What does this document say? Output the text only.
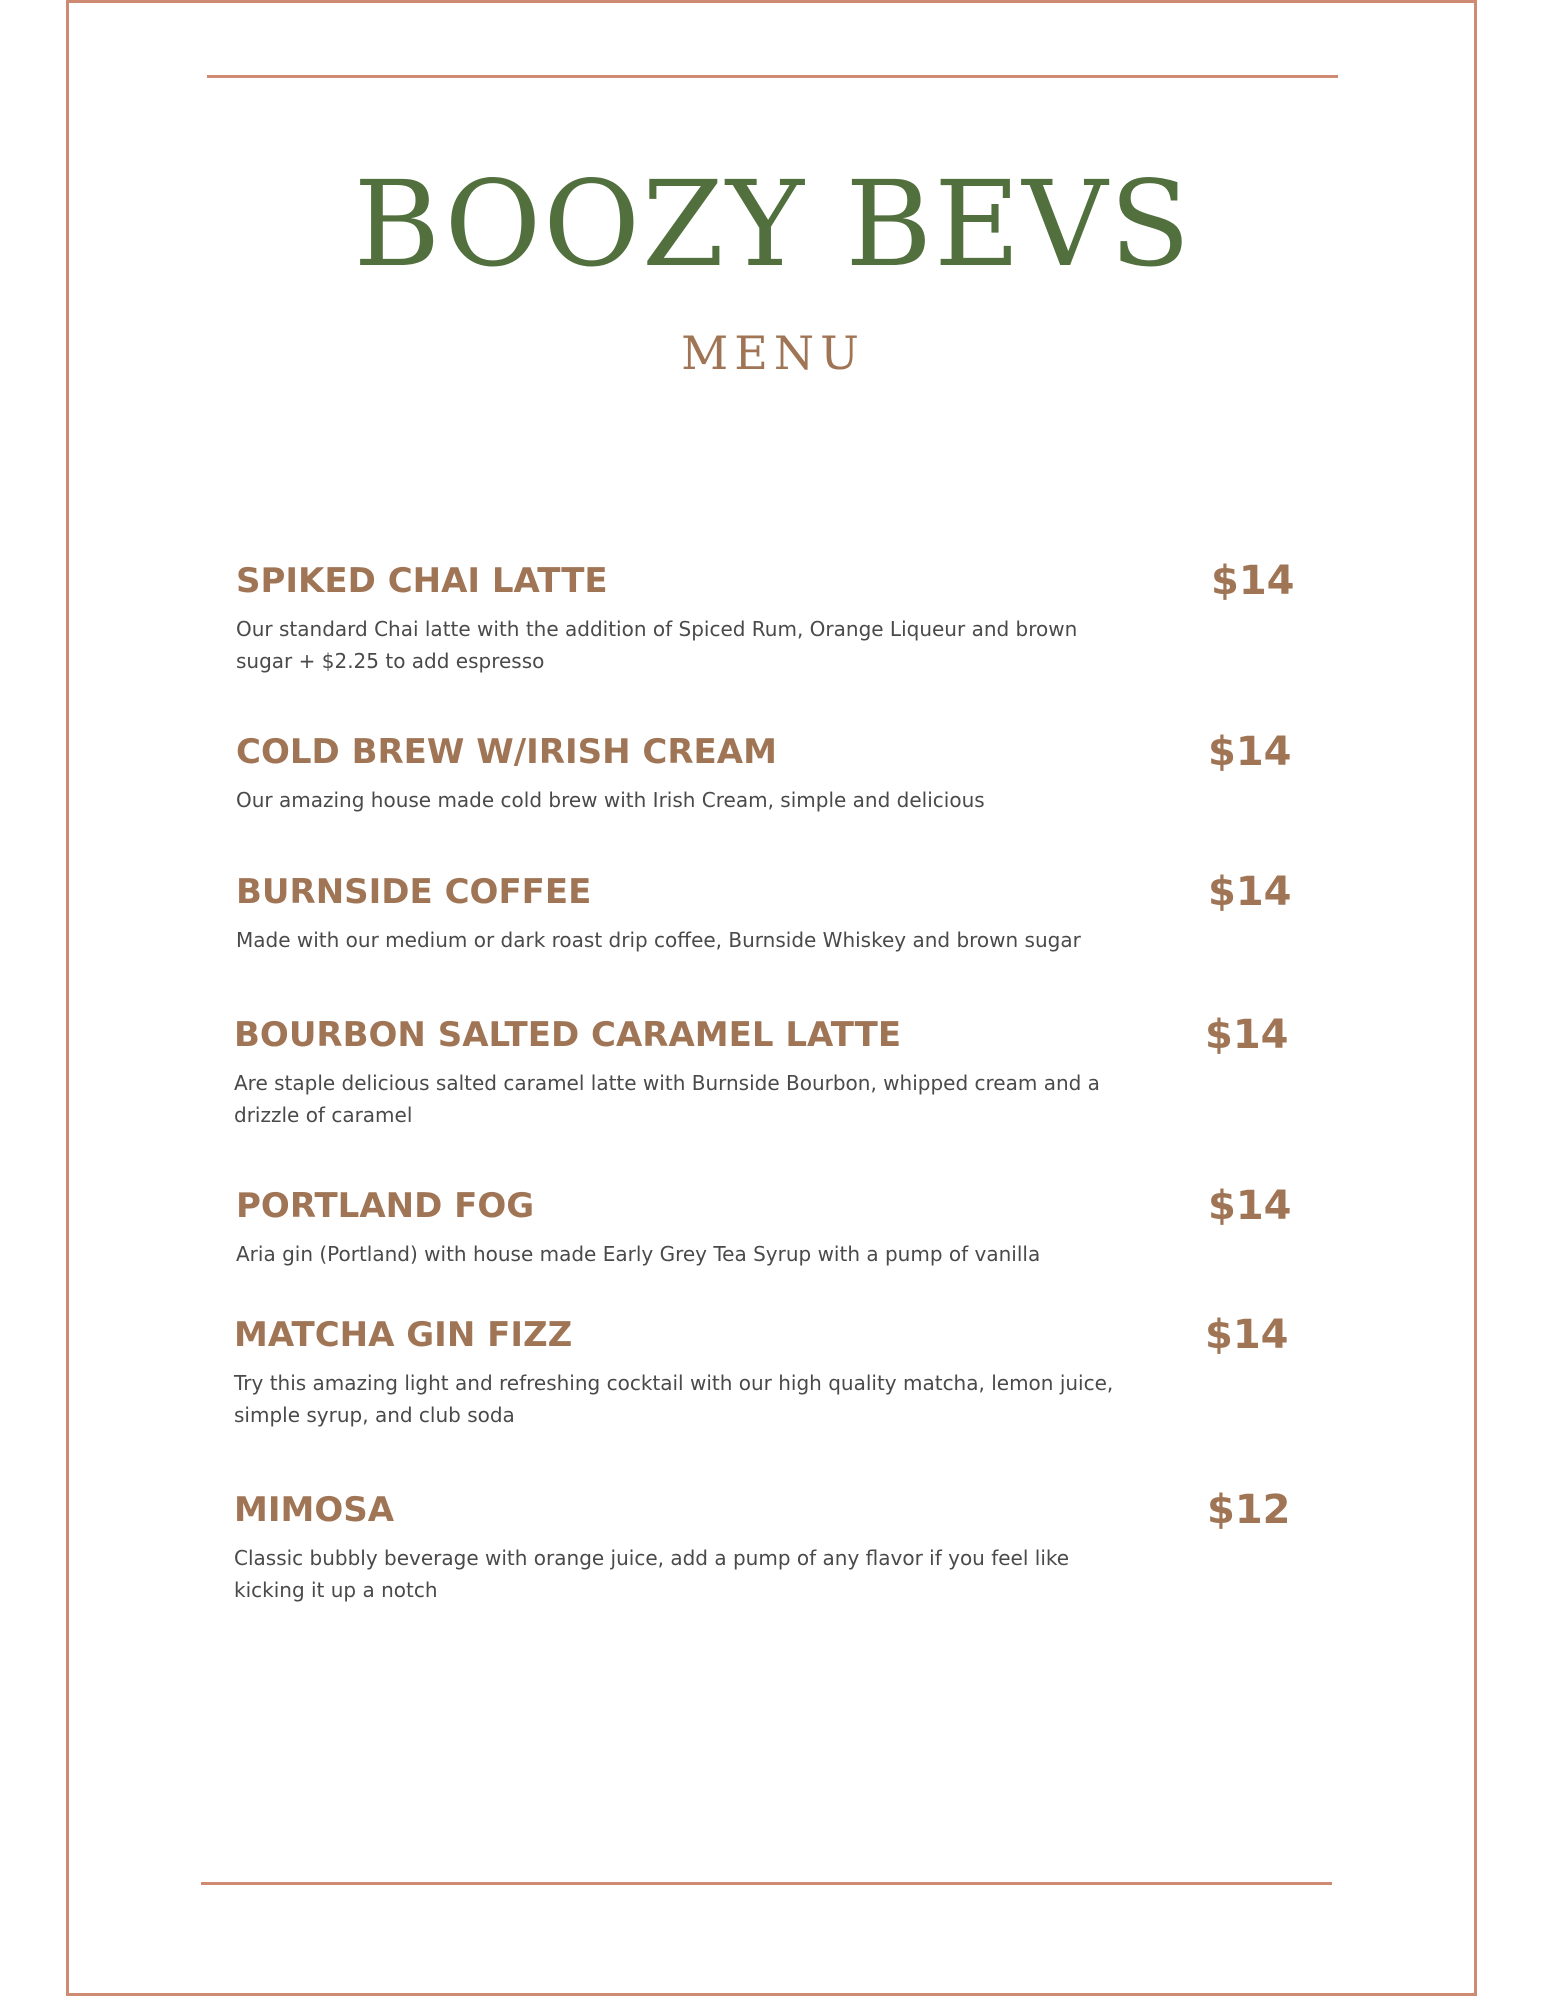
BOOZY BEVS
MENU
SPIKED CHAI LATTE	$14
Our standard Chai latte with the addition of Spiced Rum, Orange Liqueur and brown sugar + $2.25 to add espresso
COLD BREW W/IRISH CREAM	$14
Our amazing house made cold brew with Irish Cream, simple and delicious
BURNSIDE COFFEE	$14
Made with our medium or dark roast drip coffee, Burnside Whiskey and brown sugar
BOURBON SALTED CARAMEL LATTE	$14
Are staple delicious salted caramel latte with Burnside Bourbon, whipped cream and a drizzle of caramel
PORTLAND FOG	$14
Aria gin (Portland) with house made Early Grey Tea Syrup with a pump of vanilla
MATCHA GIN FIZZ	$14
Try this amazing light and refreshing cocktail with our high quality matcha, lemon juice, simple syrup, and club soda
MIMOSA	$12
Classic bubbly beverage with orange juice, add a pump of any flavor if you feel like kicking it up a notch
